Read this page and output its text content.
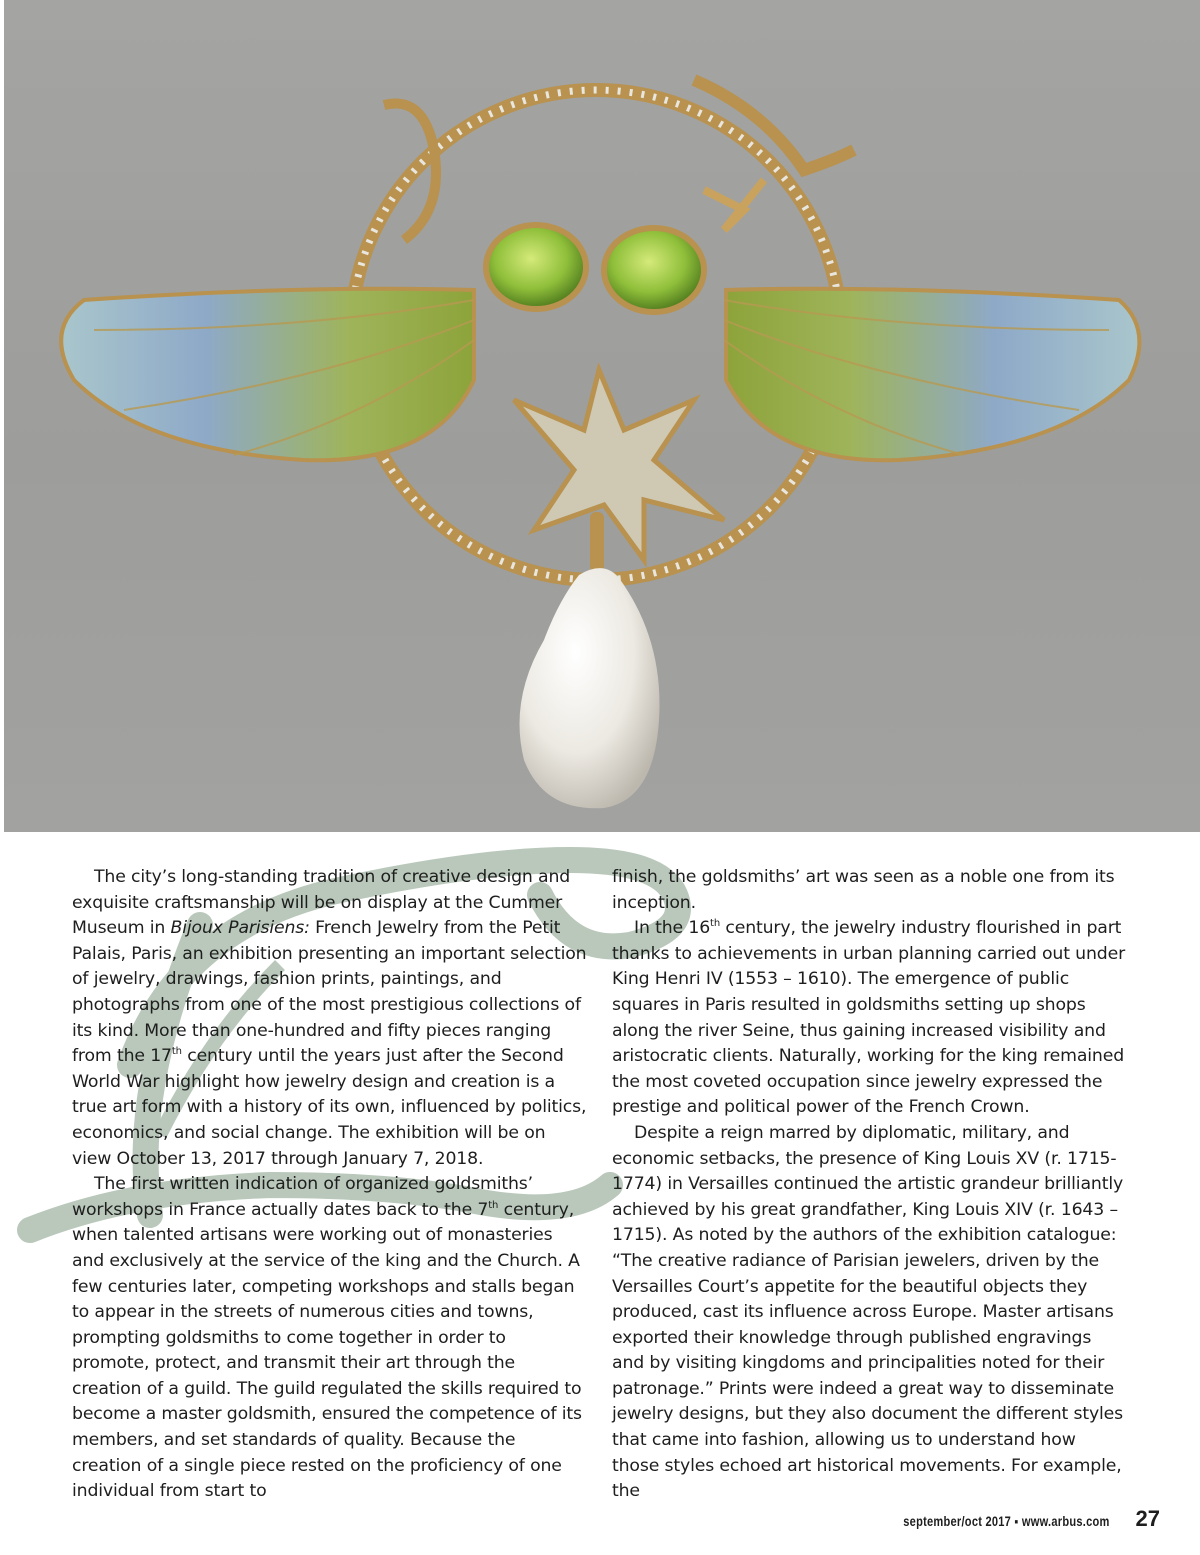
The city’s long-standing tradition of creative design and exquisite craftsmanship will be on display at the Cummer Museum in Bijoux Parisiens: French Jewelry from the Petit Palais, Paris, an exhibition presenting an important selection of jewelry, drawings, fashion prints, paintings, and photographs from one of the most prestigious collections of its kind. More than one-hundred and fifty pieces ranging from the 17th century until the years just after the Second World War highlight how jewelry design and creation is a true art form with a history of its own, influenced by politics, economics, and social change. The exhibition will be on view October 13, 2017 through January 7, 2018.

The first written indication of organized goldsmiths’ workshops in France actually dates back to the 7th century, when talented artisans were working out of monasteries and exclusively at the service of the king and the Church. A few centuries later, competing workshops and stalls began to appear in the streets of numerous cities and towns, prompting goldsmiths to come together in order to promote, protect, and transmit their art through the creation of a guild. The guild regulated the skills required to become a master goldsmith, ensured the competence of its members, and set standards of quality. Because the creation of a single piece rested on the proficiency of one individual from start to

finish, the goldsmiths’ art was seen as a noble one from its inception.

In the 16th century, the jewelry industry flourished in part thanks to achievements in urban planning carried out under King Henri IV (1553 – 1610). The emergence of public squares in Paris resulted in goldsmiths setting up shops along the river Seine, thus gaining increased visibility and aristocratic clients. Naturally, working for the king remained the most coveted occupation since jewelry expressed the prestige and political power of the French Crown.

Despite a reign marred by diplomatic, military, and economic setbacks, the presence of King Louis XV (r. 1715-1774) in Versailles continued the artistic grandeur brilliantly achieved by his great grandfather, King Louis XIV (r. 1643 – 1715). As noted by the authors of the exhibition catalogue: “The creative radiance of Parisian jewelers, driven by the Versailles Court’s appetite for the beautiful objects they produced, cast its influence across Europe. Master artisans exported their knowledge through published engravings and by visiting kingdoms and principalities noted for their patronage.” Prints were indeed a great way to disseminate jewelry designs, but they also document the different styles that came into fashion, allowing us to understand how those styles echoed art historical movements. For example, the

september/oct 2017 ▪ www.arbus.com 27
